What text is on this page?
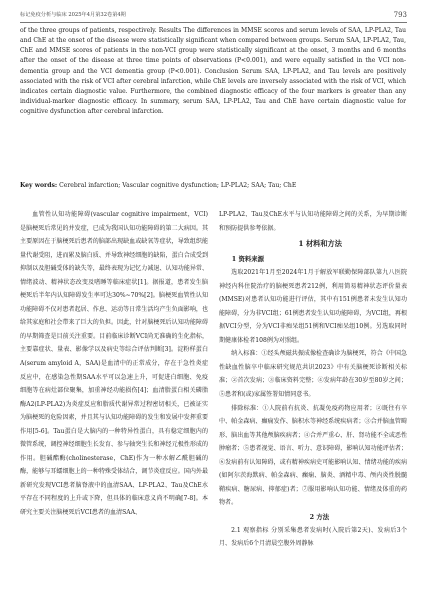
标记免疫分析与临床 2025年4月第32卷第4期	793

of the three groups of patients, respectively. Results The differences in MMSE scores and serum levels of SAA, LP-PLA2, Tau and ChE at the onset of the disease were statistically significant when compared between groups. Serum SAA, LP-PLA2, Tau, ChE and MMSE scores of patients in the non-VCI group were statistically significant at the onset, 3 months and 6 months after the onset of the disease at three time points of observations (P<0.001), and were equally satisfied in the VCI non-dementia group and the VCI dementia group (P<0.001). Conclusion Serum SAA, LP-PLA2, and Tau levels are positively associated with the risk of VCI after cerebral infarction, while ChE levels are inversely associated with the risk of VCI, which indicates certain diagnostic value. Furthermore, the combined diagnostic efficacy of the four markers is greater than any individual-marker diagnostic efficacy. In summary, serum SAA, LP-PLA2, Tau and ChE have certain diagnostic value for cognitive dysfunction after cerebral infarction.

Key words: Cerebral infarction; Vascular cognitive dysfunction; LP-PLA2; SAA; Tau; ChE

血管性认知功能障碍(vascular cognitive impairment，VCI)是脑梗死后常见的并发症，已成为我国认知功能障碍的第二大病因。其主要原因在于脑梗死后患者的脑部出现缺血或缺氧等症状，导致组织能量代谢受阻，进而累及脑白质、并导致神经细胞的缺陷，蛋白合成受到抑制以及胆碱受体的缺失等，最终表现为记忆力减退、认知功能异常、情绪波动、精神状态改变及嗜睡等临床症状[1]。据报道，患者发生脑梗死后半年内认知障碍发生率可达30%~70%[2]。脑梗死血管性认知功能障碍不仅对患者起居、作息、运动等日常生活均产生负面影响，也给其家庭和社会带来了巨大的负担。因此，针对脑梗死后认知功能障碍的早期筛查是目前关注重要。目前临床诊断VCI尚无准确的生化指标，主要靠症状、量表、影像学以及病史等综合评估判断[3]。淀粉样蛋白A(serum amyloid A，SAA)是血清中的正常成分，存在于急性炎症反应中，在感染急性期SAA水平可以急速上升，可促进白细胞、免疫细胞等在病灶部位聚集，加重神经功能损伤[4]；血清脂蛋白相关磷脂酶A2(LP-PLA2)为炎症反应和脂质代谢异常过程密切相关，已被证实为脑梗死的危险因素，并且其与认知功能障碍的发生和发展中发挥重要作用[5-6]。Tau蛋白是大脑内的一种特异性蛋白，具有稳定细胞内的微管系统，调控神经细胞生长发育、参与轴突生长和神经元极性形成的作用。胆碱酯酶(cholinesterase，ChE)作为一种水解乙酰胆碱的酶，能够与耳蠕细胞上的一种特殊受体结合，调节炎症反应。国内外最新研究发现VCI患者脑脊液中的血清SAA、LP-PLA2、Tau及ChE水平存在不同程度的上升或下降，但具体的临床意义尚不明确[7-8]。本研究主要关注脑梗死后VCI患者的血清SAA、

LP-PLA2、Tau及ChE水平与认知功能障碍之间的关系，为早期诊断和预防提供参考依据。

1 材料和方法

1 资料来源

选取2021年1月至2024年1月于解放军联勤保障部队第九八医院神经内科住院治疗的脑梗死患者212例，利用简易精神状态评价量表(MMSE)对患者认知功能进行评估，其中有151例患者未发生认知功能障碍，分为非VCI组；61例患者发生认知功能障碍，为VCI组，再根据VCI分型，分为VCI非痴呆组51例和VCI痴呆组10例。另选取同时期健康体检者108例为对照组。

纳入标准：①经头颅磁共振成像检查确诊为脑梗死，符合《中国急性缺血性脑卒中临床研究规范共识2023》中有关脑梗死诊断相关标准；②首次发病；③临床资料完整；④发病年龄在30岁至80岁之间；⑤患者和(或)家属签署知情同意书。

排除标准：①人院前有抗炎、抗凝免疫药物应用者；②既往有卒中、帕金森病、癫痫发作、脑积水等神经系统疾病者；③合并脑血管畸形、脑出血等其他颅脑疾病者；④合并严重心、肝、肾功能不全或恶性肿瘤者；⑤患者视觉、语言、听力、意识障碍，影响认知功能评估者；⑥发病前有认知障碍，或有精神疾病史可能影响认知、情绪功能的疾病(如阿尔茨海默病、帕金森病、癫痫、脑炎、酒精中毒、颅内炎性脱髓鞘疾病、糖尿病、抑郁症)者；⑦服用影响认知功能、情绪及体重的药物者。

2 方法

2.1 观察指标 分别采集患者发病时(入院后第2天)、发病后3个月、发病后6个月清晨空腹外周静脉
